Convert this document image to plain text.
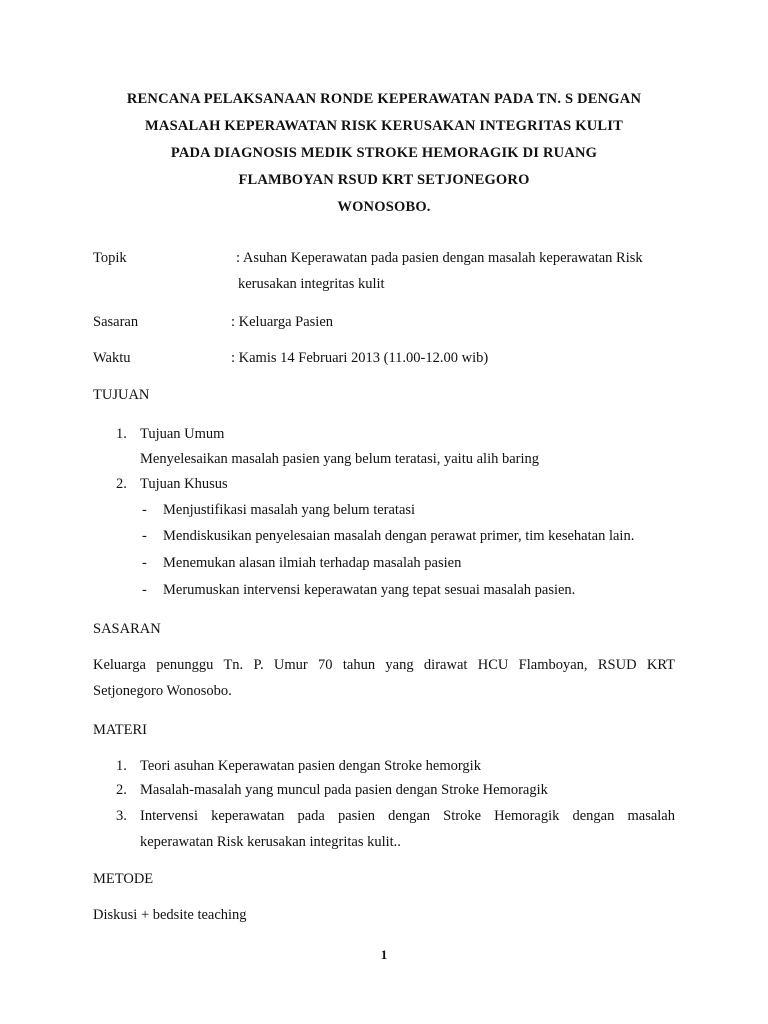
RENCANA PELAKSANAAN RONDE KEPERAWATAN PADA TN. S DENGAN
MASALAH KEPERAWATAN RISK KERUSAKAN INTEGRITAS KULIT
PADA DIAGNOSIS MEDIK STROKE HEMORAGIK DI RUANG
FLAMBOYAN RSUD KRT SETJONEGORO
WONOSOBO.
Topik	: Asuhan Keperawatan pada pasien dengan masalah keperawatan Risk
kerusakan integritas kulit
Sasaran	: Keluarga Pasien
Waktu	: Kamis 14 Februari 2013 (11.00-12.00 wib)
TUJUAN
1. Tujuan Umum
Menyelesaikan masalah pasien yang belum teratasi, yaitu alih baring
2. Tujuan Khusus
- Menjustifikasi masalah yang belum teratasi
- Mendiskusikan penyelesaian masalah dengan perawat primer, tim kesehatan lain.
- Menemukan alasan ilmiah terhadap masalah pasien
- Merumuskan intervensi keperawatan yang tepat sesuai masalah pasien.
SASARAN
Keluarga penunggu Tn. P. Umur 70 tahun yang dirawat HCU Flamboyan, RSUD KRT
Setjonegoro Wonosobo.
MATERI
1. Teori asuhan Keperawatan pasien dengan Stroke hemorgik
2. Masalah-masalah yang muncul pada pasien dengan Stroke Hemoragik
3. Intervensi keperawatan pada pasien dengan Stroke Hemoragik dengan masalah
keperawatan Risk kerusakan integritas kulit..
METODE
Diskusi + bedsite teaching
1
